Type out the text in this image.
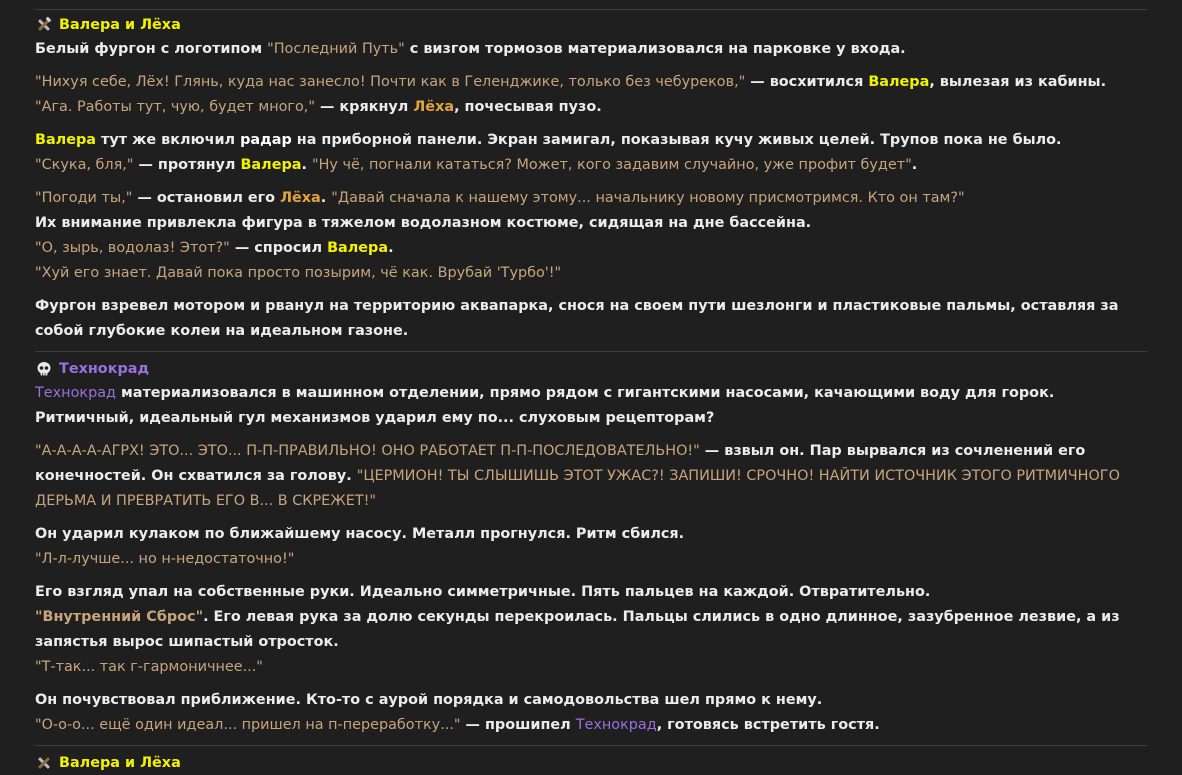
Валера и Лёха
Белый фургон с логотипом "Последний Путь" с визгом тормозов материализовался на парковке у входа.
"Нихуя себе, Лёх! Глянь, куда нас занесло! Почти как в Геленджике, только без чебуреков," — восхитился Валера, вылезая из кабины.
"Ага. Работы тут, чую, будет много," — крякнул Лёха, почесывая пузо.
Валера тут же включил радар на приборной панели. Экран замигал, показывая кучу живых целей. Трупов пока не было.
"Скука, бля," — протянул Валера. "Ну чё, погнали кататься? Может, кого задавим случайно, уже профит будет".
"Погоди ты," — остановил его Лёха. "Давай сначала к нашему этому... начальнику новому присмотримся. Кто он там?"
Их внимание привлекла фигура в тяжелом водолазном костюме, сидящая на дне бассейна.
"О, зырь, водолаз! Этот?" — спросил Валера.
"Хуй его знает. Давай пока просто позырим, чё как. Врубай 'Турбо'!"
Фургон взревел мотором и рванул на территорию аквапарка, снося на своем пути шезлонги и пластиковые пальмы, оставляя за собой глубокие колеи на идеальном газоне.
Технокрад
Технокрад материализовался в машинном отделении, прямо рядом с гигантскими насосами, качающими воду для горок. Ритмичный, идеальный гул механизмов ударил ему по... слуховым рецепторам?
"А-А-А-А-АГРХ! ЭТО... ЭТО... П-П-ПРАВИЛЬНО! ОНО РАБОТАЕТ П-П-ПОСЛЕДОВАТЕЛЬНО!" — взвыл он. Пар вырвался из сочленений его конечностей. Он схватился за голову. "ЦЕРМИОН! ТЫ СЛЫШИШЬ ЭТОТ УЖАС?! ЗАПИШИ! СРОЧНО! НАЙТИ ИСТОЧНИК ЭТОГО РИТМИЧНОГО ДЕРЬМА И ПРЕВРАТИТЬ ЕГО В... В СКРЕЖЕТ!"
Он ударил кулаком по ближайшему насосу. Металл прогнулся. Ритм сбился.
"Л-л-лучше... но н-недостаточно!"
Его взгляд упал на собственные руки. Идеально симметричные. Пять пальцев на каждой. Отвратительно.
"Внутренний Сброс". Его левая рука за долю секунды перекроилась. Пальцы слились в одно длинное, зазубренное лезвие, а из запястья вырос шипастый отросток.
"Т-так... так г-гармоничнее..."
Он почувствовал приближение. Кто-то с аурой порядка и самодовольства шел прямо к нему.
"О-о-о... ещё один идеал... пришел на п-переработку..." — прошипел Технокрад, готовясь встретить гостя.
Валера и Лёха
